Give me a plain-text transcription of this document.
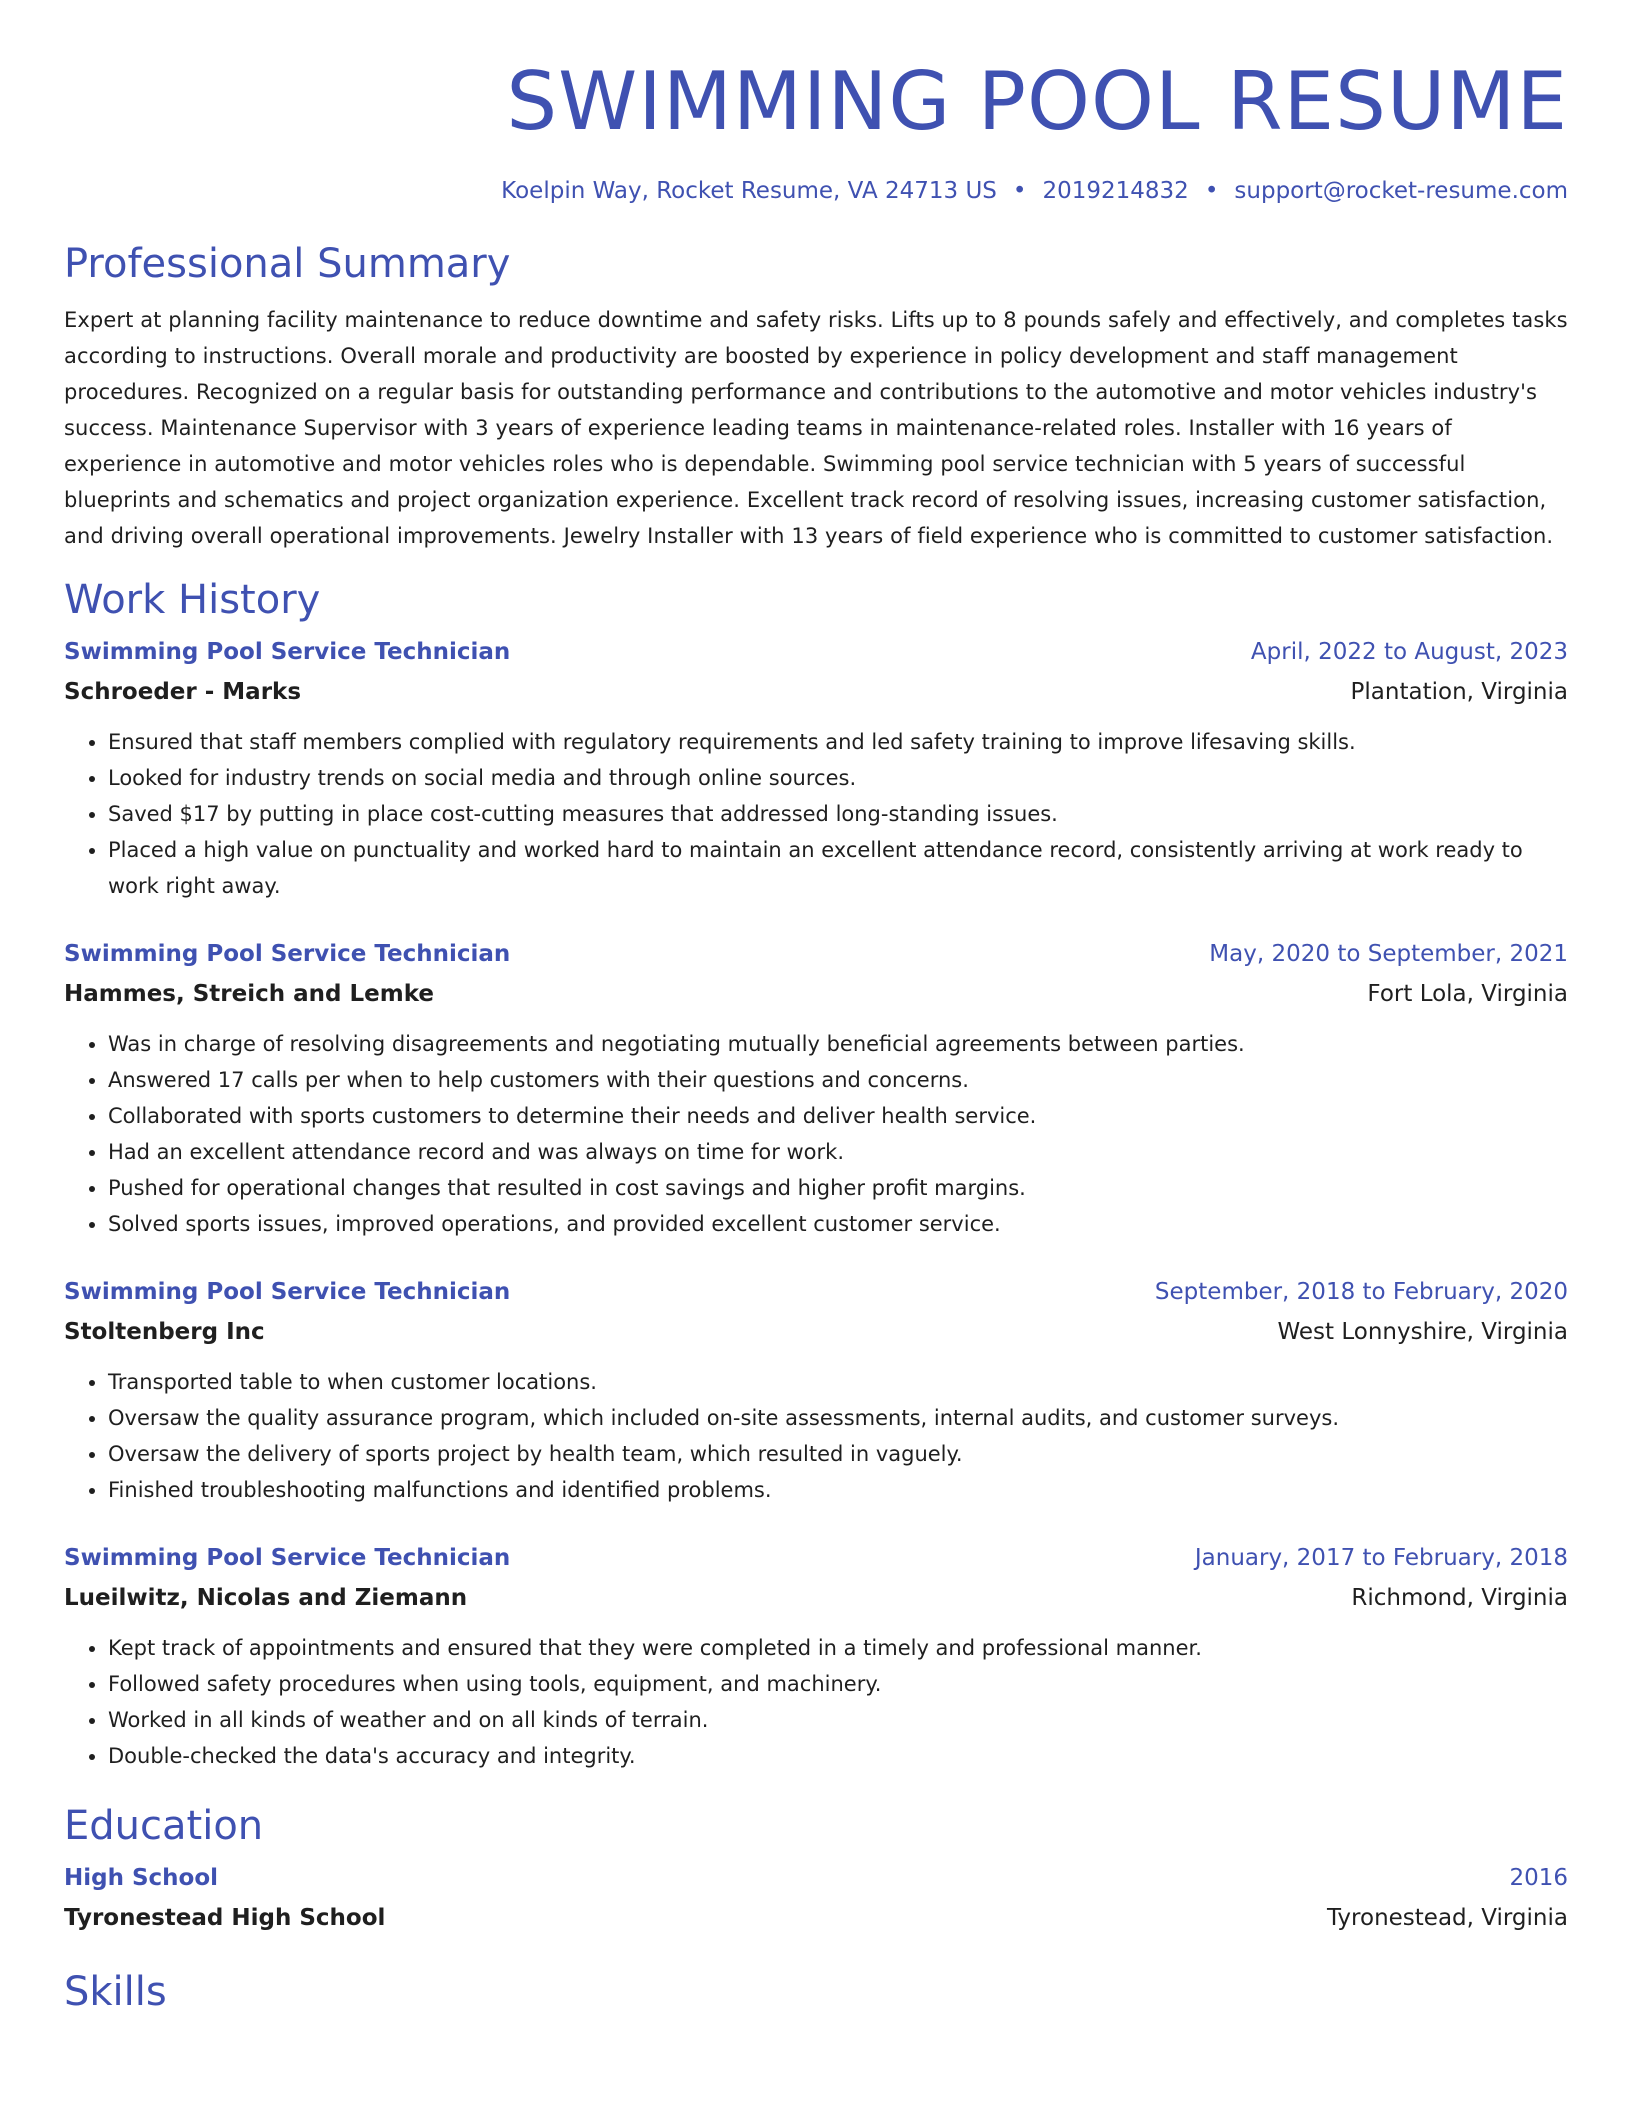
SWIMMING POOL RESUME
Koelpin Way, Rocket Resume, VA 24713 US • 2019214832 • support@rocket-resume.com
Professional Summary

Expert at planning facility maintenance to reduce downtime and safety risks. Lifts up to 8 pounds safely and effectively, and completes tasks according to instructions. Overall morale and productivity are boosted by experience in policy development and staff management procedures. Recognized on a regular basis for outstanding performance and contributions to the automotive and motor vehicles industry's success. Maintenance Supervisor with 3 years of experience leading teams in maintenance-related roles. Installer with 16 years of experience in automotive and motor vehicles roles who is dependable. Swimming pool service technician with 5 years of successful blueprints and schematics and project organization experience. Excellent track record of resolving issues, increasing customer satisfaction, and driving overall operational improvements. Jewelry Installer with 13 years of field experience who is committed to customer satisfaction.

Work History
Swimming Pool Service Technician	April, 2022 to August, 2023
Schroeder - Marks	Plantation, Virginia
• Ensured that staff members complied with regulatory requirements and led safety training to improve lifesaving skills.
• Looked for industry trends on social media and through online sources.
• Saved $17 by putting in place cost-cutting measures that addressed long-standing issues.
• Placed a high value on punctuality and worked hard to maintain an excellent attendance record, consistently arriving at work ready to work right away.
Swimming Pool Service Technician	May, 2020 to September, 2021
Hammes, Streich and Lemke	Fort Lola, Virginia
• Was in charge of resolving disagreements and negotiating mutually beneficial agreements between parties.
• Answered 17 calls per when to help customers with their questions and concerns.
• Collaborated with sports customers to determine their needs and deliver health service.
• Had an excellent attendance record and was always on time for work.
• Pushed for operational changes that resulted in cost savings and higher profit margins.
• Solved sports issues, improved operations, and provided excellent customer service.
Swimming Pool Service Technician	September, 2018 to February, 2020
Stoltenberg Inc	West Lonnyshire, Virginia
• Transported table to when customer locations.
• Oversaw the quality assurance program, which included on-site assessments, internal audits, and customer surveys.
• Oversaw the delivery of sports project by health team, which resulted in vaguely.
• Finished troubleshooting malfunctions and identified problems.
Swimming Pool Service Technician	January, 2017 to February, 2018
Lueilwitz, Nicolas and Ziemann	Richmond, Virginia
• Kept track of appointments and ensured that they were completed in a timely and professional manner.
• Followed safety procedures when using tools, equipment, and machinery.
• Worked in all kinds of weather and on all kinds of terrain.
• Double-checked the data's accuracy and integrity.
Education
High School	2016
Tyronestead High School	Tyronestead, Virginia
Skills
